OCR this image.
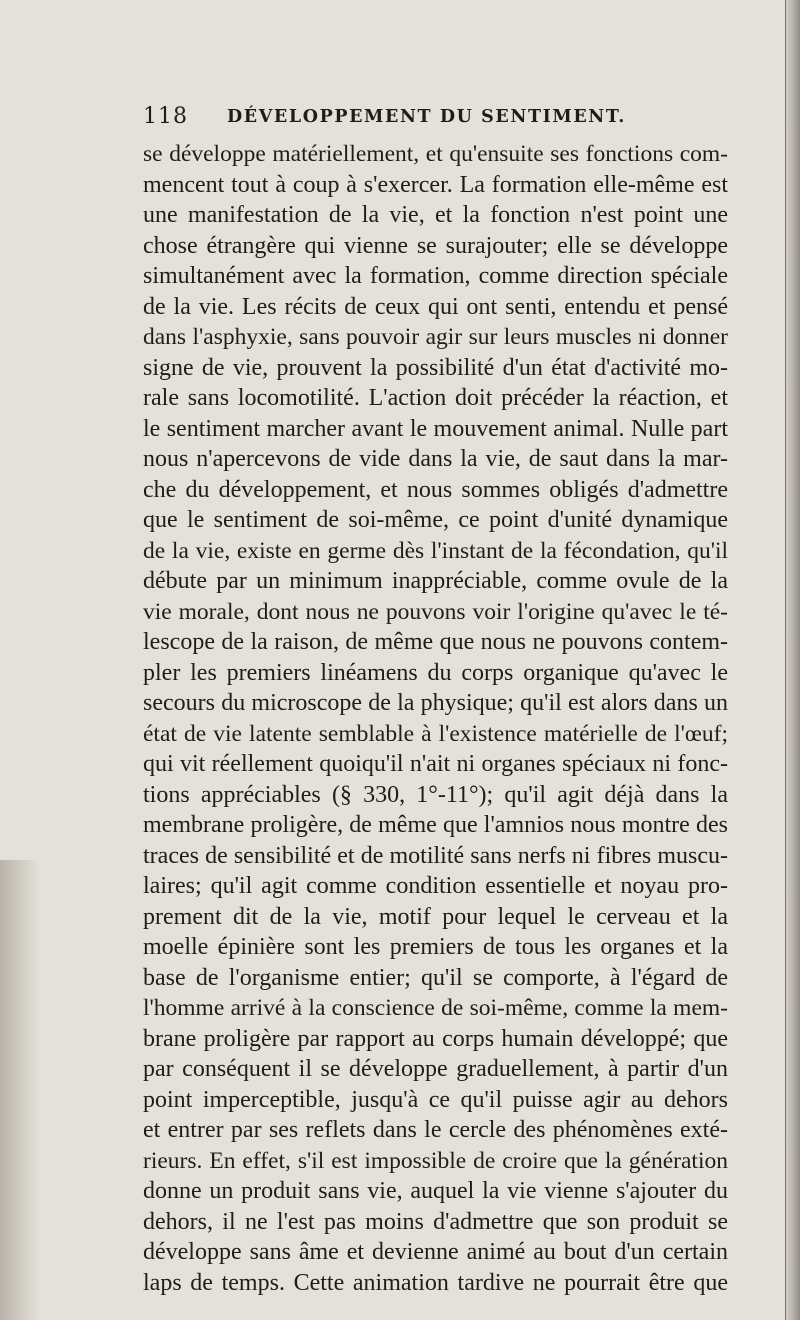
118 DÉVELOPPEMENT DU SENTIMENT.
se développe matériellement, et qu'ensuite ses fonctions com-
mencent tout à coup à s'exercer. La formation elle-même est
une manifestation de la vie, et la fonction n'est point une
chose étrangère qui vienne se surajouter; elle se développe
simultanément avec la formation, comme direction spéciale
de la vie. Les récits de ceux qui ont senti, entendu et pensé
dans l'asphyxie, sans pouvoir agir sur leurs muscles ni donner
signe de vie, prouvent la possibilité d'un état d'activité mo-
rale sans locomotilité. L'action doit précéder la réaction, et
le sentiment marcher avant le mouvement animal. Nulle part
nous n'apercevons de vide dans la vie, de saut dans la mar-
che du développement, et nous sommes obligés d'admettre
que le sentiment de soi-même, ce point d'unité dynamique
de la vie, existe en germe dès l'instant de la fécondation, qu'il
débute par un minimum inappréciable, comme ovule de la
vie morale, dont nous ne pouvons voir l'origine qu'avec le té-
lescope de la raison, de même que nous ne pouvons contem-
pler les premiers linéamens du corps organique qu'avec le
secours du microscope de la physique; qu'il est alors dans un
état de vie latente semblable à l'existence matérielle de l'œuf;
qui vit réellement quoiqu'il n'ait ni organes spéciaux ni fonc-
tions appréciables (§ 330, 1°-11°); qu'il agit déjà dans la
membrane proligère, de même que l'amnios nous montre des
traces de sensibilité et de motilité sans nerfs ni fibres muscu-
laires; qu'il agit comme condition essentielle et noyau pro-
prement dit de la vie, motif pour lequel le cerveau et la
moelle épinière sont les premiers de tous les organes et la
base de l'organisme entier; qu'il se comporte, à l'égard de
l'homme arrivé à la conscience de soi-même, comme la mem-
brane proligère par rapport au corps humain développé; que
par conséquent il se développe graduellement, à partir d'un
point imperceptible, jusqu'à ce qu'il puisse agir au dehors
et entrer par ses reflets dans le cercle des phénomènes exté-
rieurs. En effet, s'il est impossible de croire que la génération
donne un produit sans vie, auquel la vie vienne s'ajouter du
dehors, il ne l'est pas moins d'admettre que son produit se
développe sans âme et devienne animé au bout d'un certain
laps de temps. Cette animation tardive ne pourrait être que
